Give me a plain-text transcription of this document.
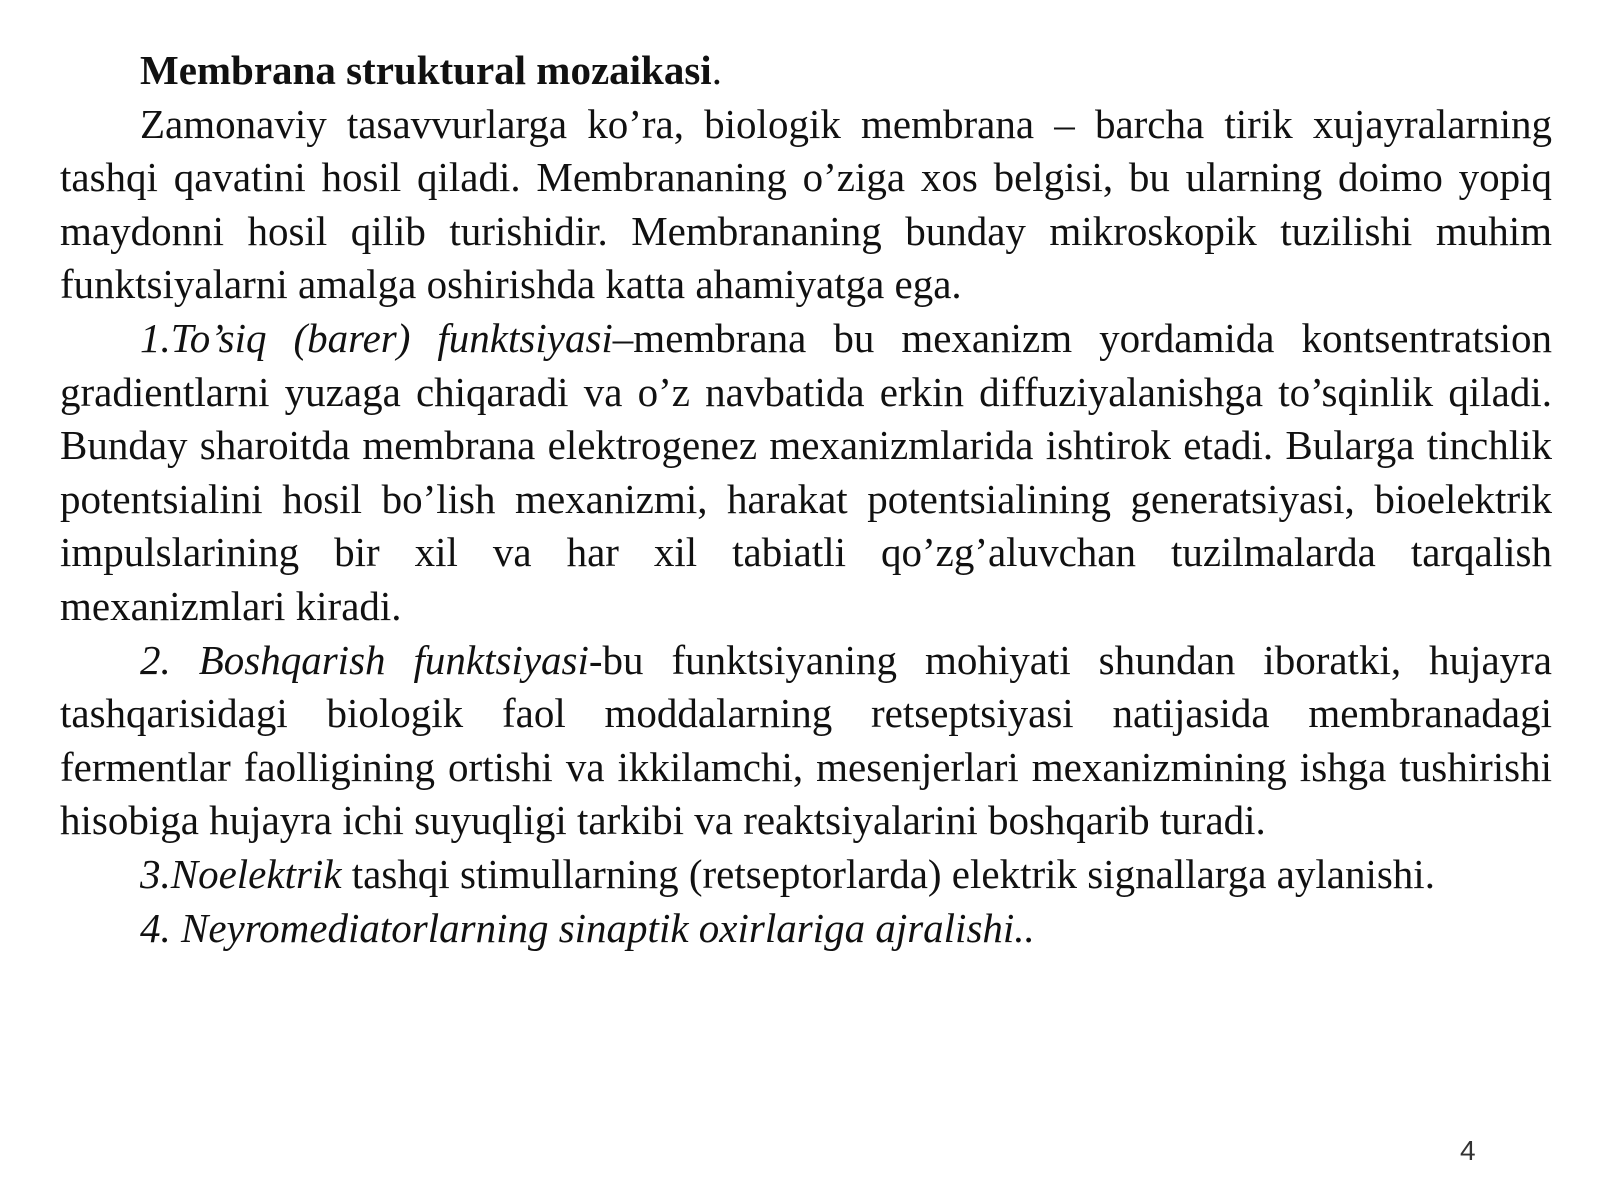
Membrana struktural mozaikasi.

Zamonaviy tasavvurlarga ko’ra, biologik membrana – barcha tirik xujayralarning tashqi qavatini hosil qiladi. Membrananing o’ziga xos belgisi, bu ularning doimo yopiq maydonni hosil qilib turishidir. Membrananing bunday mikroskopik tuzilishi muhim funktsiyalarni amalga oshirishda katta ahamiyatga ega.

1.To’siq (barer) funktsiyasi–membrana bu mexanizm yordamida kontsentratsion gradientlarni yuzaga chiqaradi va o’z navbatida erkin diffuziyalanishga to’sqinlik qiladi. Bunday sharoitda membrana elektrogenez mexanizmlarida ishtirok etadi. Bularga tinchlik potentsialini hosil bo’lish mexanizmi, harakat potentsialining generatsiyasi, bioelektrik impulslarining bir xil va har xil tabiatli qo’zg’aluvchan tuzilmalarda tarqalish mexanizmlari kiradi.

2. Boshqarish funktsiyasi-bu funktsiyaning mohiyati shundan iboratki, hujayra tashqarisidagi biologik faol moddalarning retseptsiyasi natijasida membranadagi fermentlar faolligining ortishi va ikkilamchi, mesenjerlari mexanizmining ishga tushirishi hisobiga hujayra ichi suyuqligi tarkibi va reaktsiyalarini boshqarib turadi.

3.Noelektrik tashqi stimullarning (retseptorlarda) elektrik signallarga aylanishi.

4. Neyromediatorlarning sinaptik oxirlariga ajralishi..

4
